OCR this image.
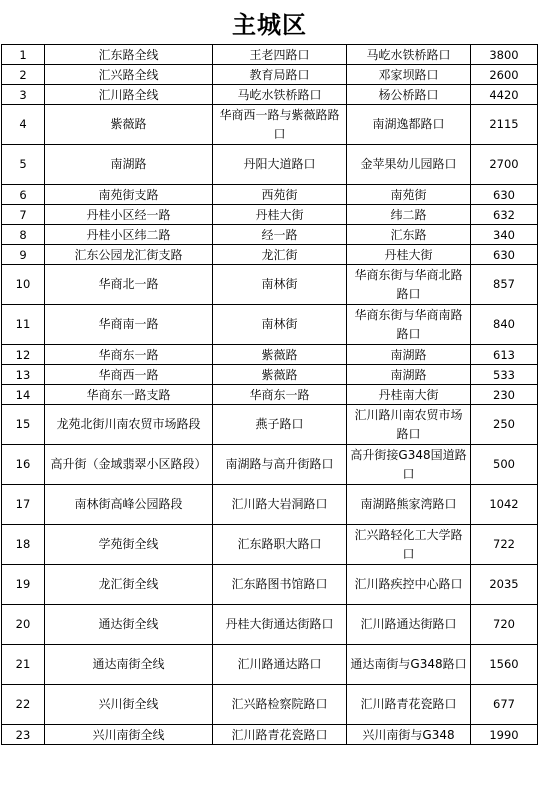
主城区
1	汇东路全线	王老四路口	马屹水铁桥路口	3800
2	汇兴路全线	教育局路口	邓家坝路口	2600
3	汇川路全线	马屹水铁桥路口	杨公桥路口	4420
4	紫薇路	华商西一路与紫薇路路口	南湖逸都路口	2115
5	南湖路	丹阳大道路口	金苹果幼儿园路口	2700
6	南苑街支路	西苑街	南苑街	630
7	丹桂小区经一路	丹桂大街	纬二路	632
8	丹桂小区纬二路	经一路	汇东路	340
9	汇东公园龙汇街支路	龙汇街	丹桂大街	630
10	华商北一路	南林街	华商东街与华商北路路口	857
11	华商南一路	南林街	华商东街与华商南路路口	840
12	华商东一路	紫薇路	南湖路	613
13	华商西一路	紫薇路	南湖路	533
14	华商东一路支路	华商东一路	丹桂南大街	230
15	龙苑北街川南农贸市场路段	燕子路口	汇川路川南农贸市场路口	250
16	高升街（金域翡翠小区路段）	南湖路与高升街路口	高升街接G348国道路口	500
17	南林街高峰公园路段	汇川路大岩洞路口	南湖路熊家湾路口	1042
18	学苑街全线	汇东路职大路口	汇兴路轻化工大学路口	722
19	龙汇街全线	汇东路图书馆路口	汇川路疾控中心路口	2035
20	通达街全线	丹桂大街通达街路口	汇川路通达街路口	720
21	通达南街全线	汇川路通达路口	通达南街与G348路口	1560
22	兴川街全线	汇兴路检察院路口	汇川路青花瓷路口	677
23	兴川南街全线	汇川路青花瓷路口	兴川南街与G348	1990
